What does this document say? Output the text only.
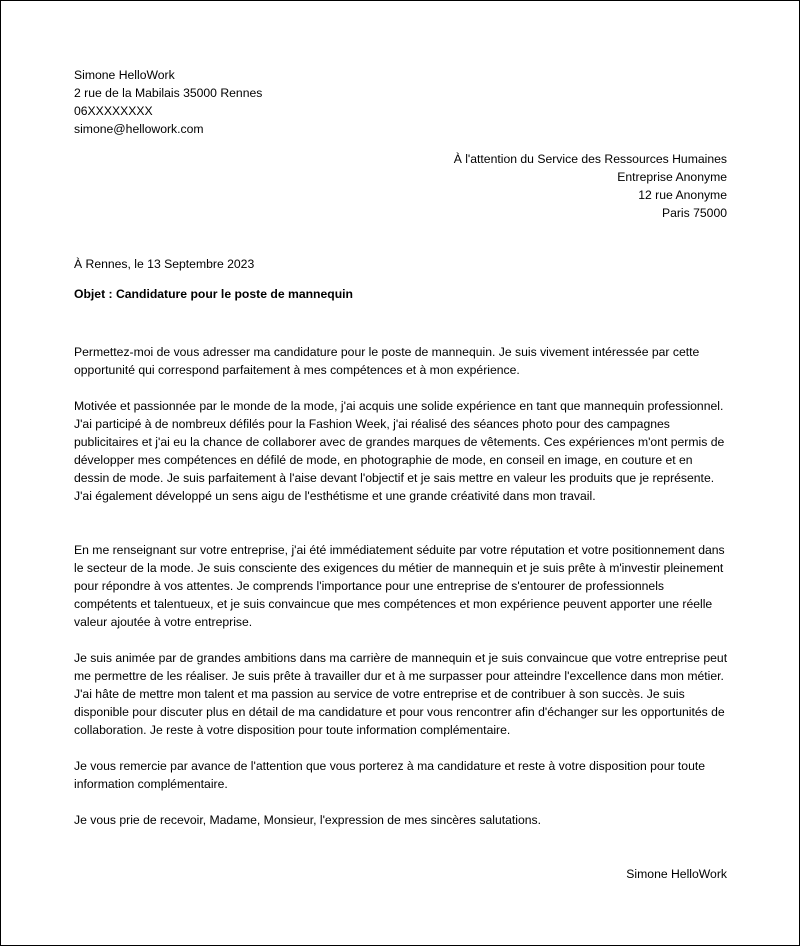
Simone HelloWork
2 rue de la Mabilais 35000 Rennes
06XXXXXXXX
simone@hellowork.com
À l'attention du Service des Ressources Humaines
Entreprise Anonyme
12 rue Anonyme
Paris 75000
À Rennes, le 13 Septembre 2023
Objet : Candidature pour le poste de mannequin

Permettez-moi de vous adresser ma candidature pour le poste de mannequin. Je suis vivement intéressée par cette opportunité qui correspond parfaitement à mes compétences et à mon expérience.

Motivée et passionnée par le monde de la mode, j'ai acquis une solide expérience en tant que mannequin professionnel. J'ai participé à de nombreux défilés pour la Fashion Week, j'ai réalisé des séances photo pour des campagnes publicitaires et j'ai eu la chance de collaborer avec de grandes marques de vêtements. Ces expériences m'ont permis de développer mes compétences en défilé de mode, en photographie de mode, en conseil en image, en couture et en dessin de mode. Je suis parfaitement à l'aise devant l'objectif et je sais mettre en valeur les produits que je représente. J'ai également développé un sens aigu de l'esthétisme et une grande créativité dans mon travail.

En me renseignant sur votre entreprise, j'ai été immédiatement séduite par votre réputation et votre positionnement dans le secteur de la mode. Je suis consciente des exigences du métier de mannequin et je suis prête à m'investir pleinement pour répondre à vos attentes. Je comprends l'importance pour une entreprise de s'entourer de professionnels compétents et talentueux, et je suis convaincue que mes compétences et mon expérience peuvent apporter une réelle valeur ajoutée à votre entreprise.

Je suis animée par de grandes ambitions dans ma carrière de mannequin et je suis convaincue que votre entreprise peut me permettre de les réaliser. Je suis prête à travailler dur et à me surpasser pour atteindre l'excellence dans mon métier. J'ai hâte de mettre mon talent et ma passion au service de votre entreprise et de contribuer à son succès. Je suis disponible pour discuter plus en détail de ma candidature et pour vous rencontrer afin d'échanger sur les opportunités de collaboration. Je reste à votre disposition pour toute information complémentaire.

Je vous remercie par avance de l'attention que vous porterez à ma candidature et reste à votre disposition pour toute information complémentaire.

Je vous prie de recevoir, Madame, Monsieur, l'expression de mes sincères salutations.

Simone HelloWork
